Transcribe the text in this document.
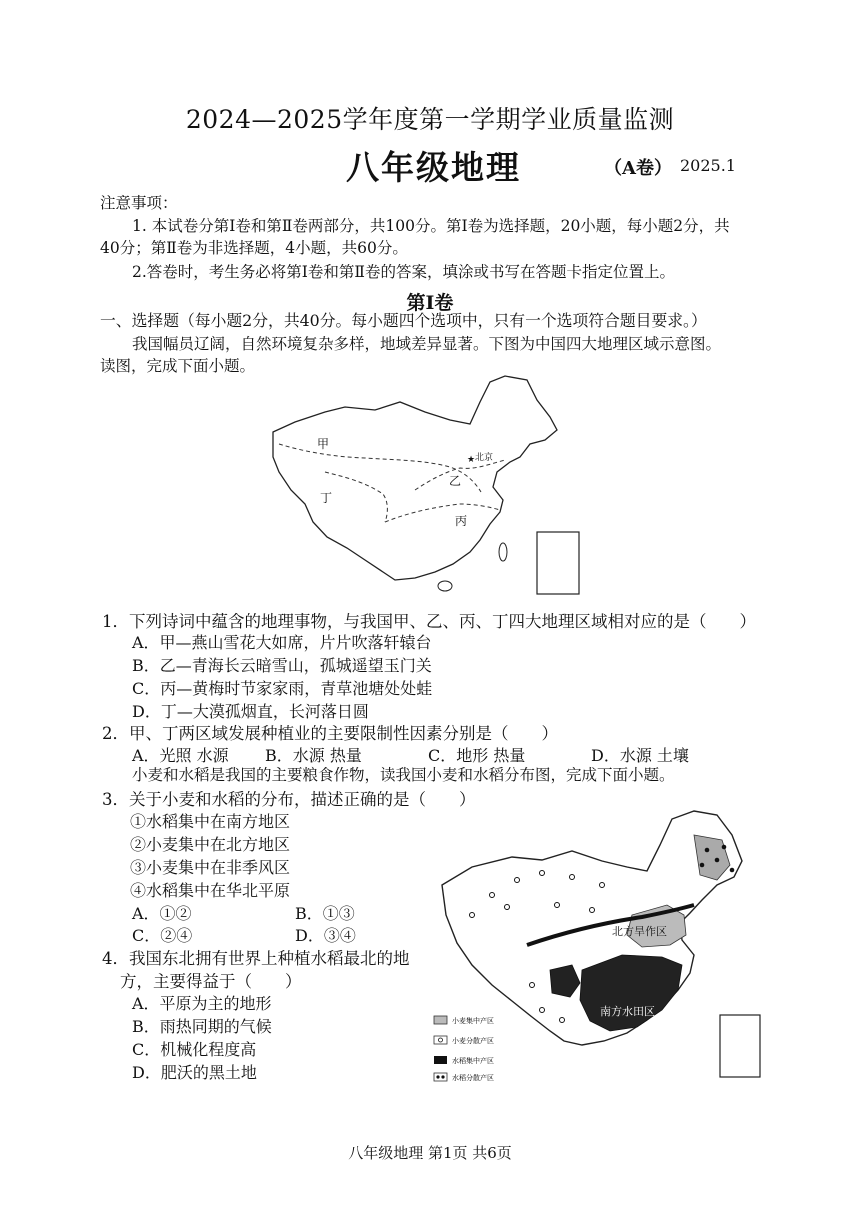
2024—2025学年度第一学期学业质量监测
八年级地理	（A卷） 2025.1
注意事项：
1. 本试卷分第Ⅰ卷和第Ⅱ卷两部分，共100分。第Ⅰ卷为选择题，20小题，每小题2分，共
40分；第Ⅱ卷为非选择题，4小题，共60分。
2.答卷时，考生务必将第Ⅰ卷和第Ⅱ卷的答案，填涂或书写在答题卡指定位置上。
第Ⅰ卷
一、选择题（每小题2分，共40分。每小题四个选项中，只有一个选项符合题目要求。）
我国幅员辽阔，自然环境复杂多样，地域差异显著。下图为中国四大地理区域示意图。
读图，完成下面小题。
甲
北京
乙
丁
丙
★
1．下列诗词中蕴含的地理事物，与我国甲、乙、丙、丁四大地理区域相对应的是（　　）
A．甲—燕山雪花大如席，片片吹落轩辕台
B．乙—青海长云暗雪山，孤城遥望玉门关
C．丙—黄梅时节家家雨，青草池塘处处蛙
D．丁—大漠孤烟直，长河落日圆
2．甲、丁两区域发展种植业的主要限制性因素分别是（　　）
A．光照 水源 B．水源 热量	C．地形 热量	D．水源 土壤
小麦和水稻是我国的主要粮食作物，读我国小麦和水稻分布图，完成下面小题。
3．关于小麦和水稻的分布，描述正确的是（　　）
①水稻集中在南方地区
②小麦集中在北方地区
③小麦集中在非季风区
④水稻集中在华北平原
A．①②	B．①③
C．②④	D．③④
4．我国东北拥有世界上种植水稻最北的地
方，主要得益于（　　）
A．平原为主的地形
B．雨热同期的气候
C．机械化程度高
D．肥沃的黑土地
北方旱作区
南方水田区
小麦集中产区
小麦分散产区
水稻集中产区
水稻分散产区
八年级地理 第1页 共6页
